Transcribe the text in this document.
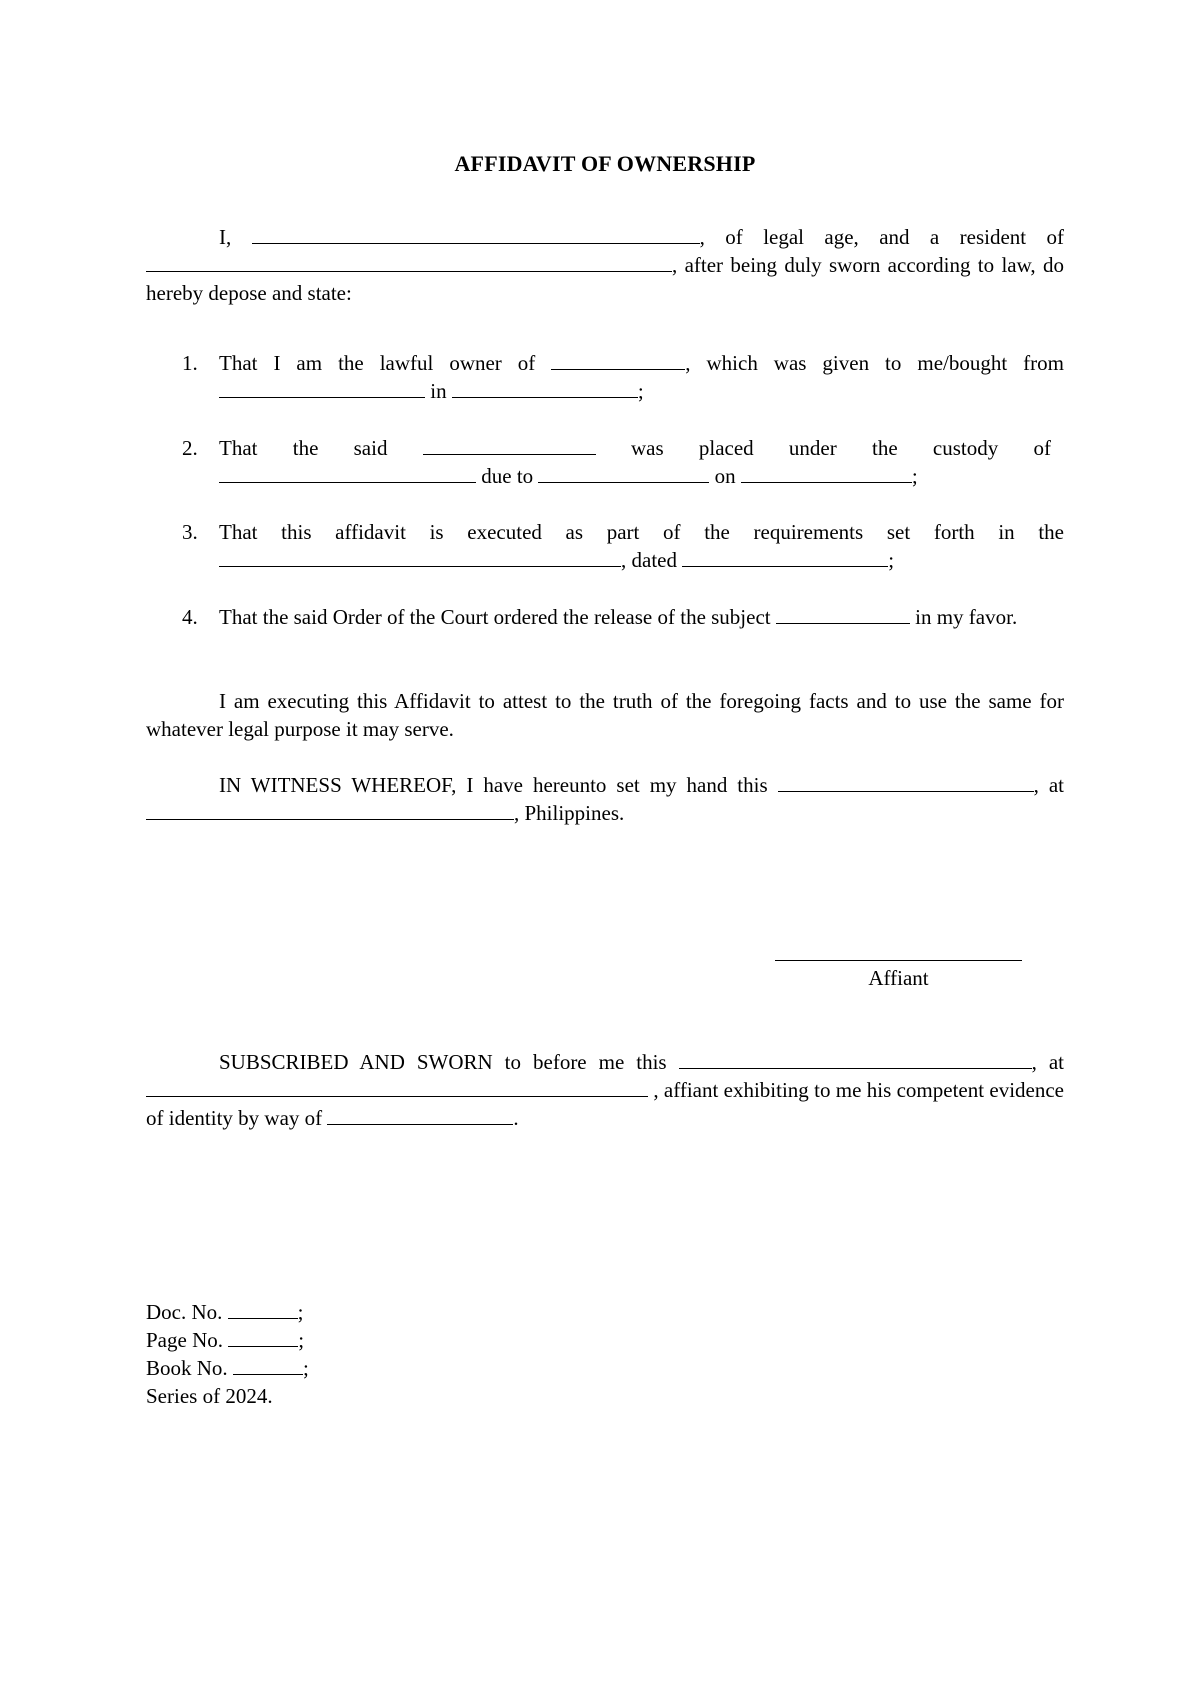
AFFIDAVIT OF OWNERSHIP
I,	, of legal age, and a resident of , after being duly sworn according to law, do hereby depose and state:
1. That I am the lawful owner of	, which was given to me/bought from  in	;
2. That the said	was placed under the custody of
due to	on	;
3. That this affidavit is executed as part of the requirements set forth in the , dated	;
4. That the said Order of the Court ordered the release of the subject	in my favor.
I am executing this Affidavit to attest to the truth of the foregoing facts and to use the same for whatever legal purpose it may serve.
IN WITNESS WHEREOF, I have hereunto set my hand this	, at , Philippines.
Affiant
SUBSCRIBED AND SWORN to before me this	, at  , affiant exhibiting to me his competent evidence of identity by way of	.
Doc. No.	;
Page No.	;
Book No.	;
Series of 2024.
